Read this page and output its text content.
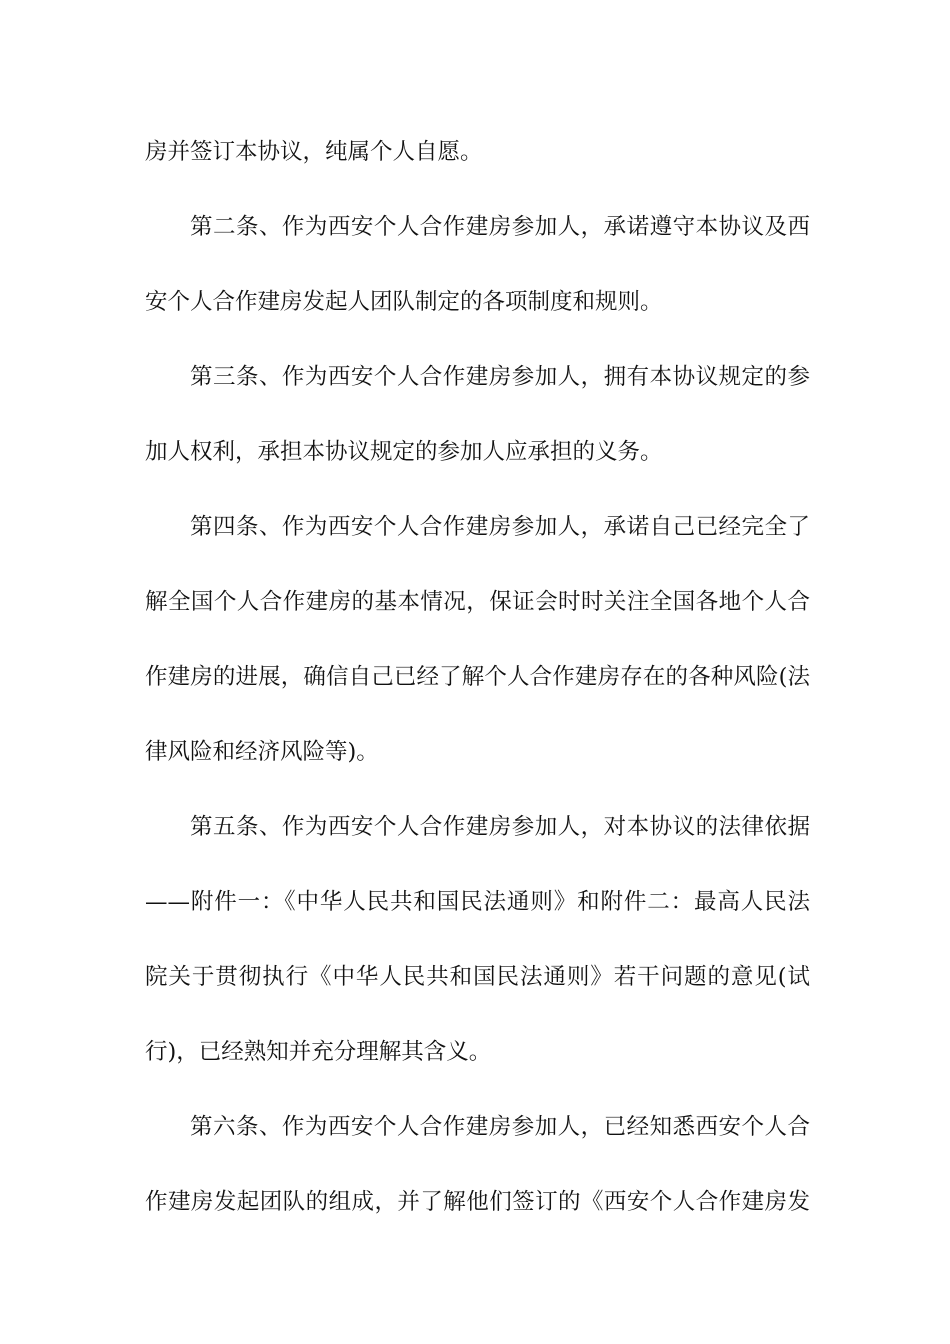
房并签订本协议，纯属个人自愿。
第二条、作为西安个人合作建房参加人，承诺遵守本协议及西
安个人合作建房发起人团队制定的各项制度和规则。
第三条、作为西安个人合作建房参加人，拥有本协议规定的参
加人权利，承担本协议规定的参加人应承担的义务。
第四条、作为西安个人合作建房参加人，承诺自己已经完全了
解全国个人合作建房的基本情况，保证会时时关注全国各地个人合
作建房的进展，确信自己已经了解个人合作建房存在的各种风险(法
律风险和经济风险等)。
第五条、作为西安个人合作建房参加人，对本协议的法律依据
——附件一：《中华人民共和国民法通则》和附件二：最高人民法
院关于贯彻执行《中华人民共和国民法通则》若干问题的意见(试
行)，已经熟知并充分理解其含义。
第六条、作为西安个人合作建房参加人，已经知悉西安个人合
作建房发起团队的组成，并了解他们签订的《西安个人合作建房发
